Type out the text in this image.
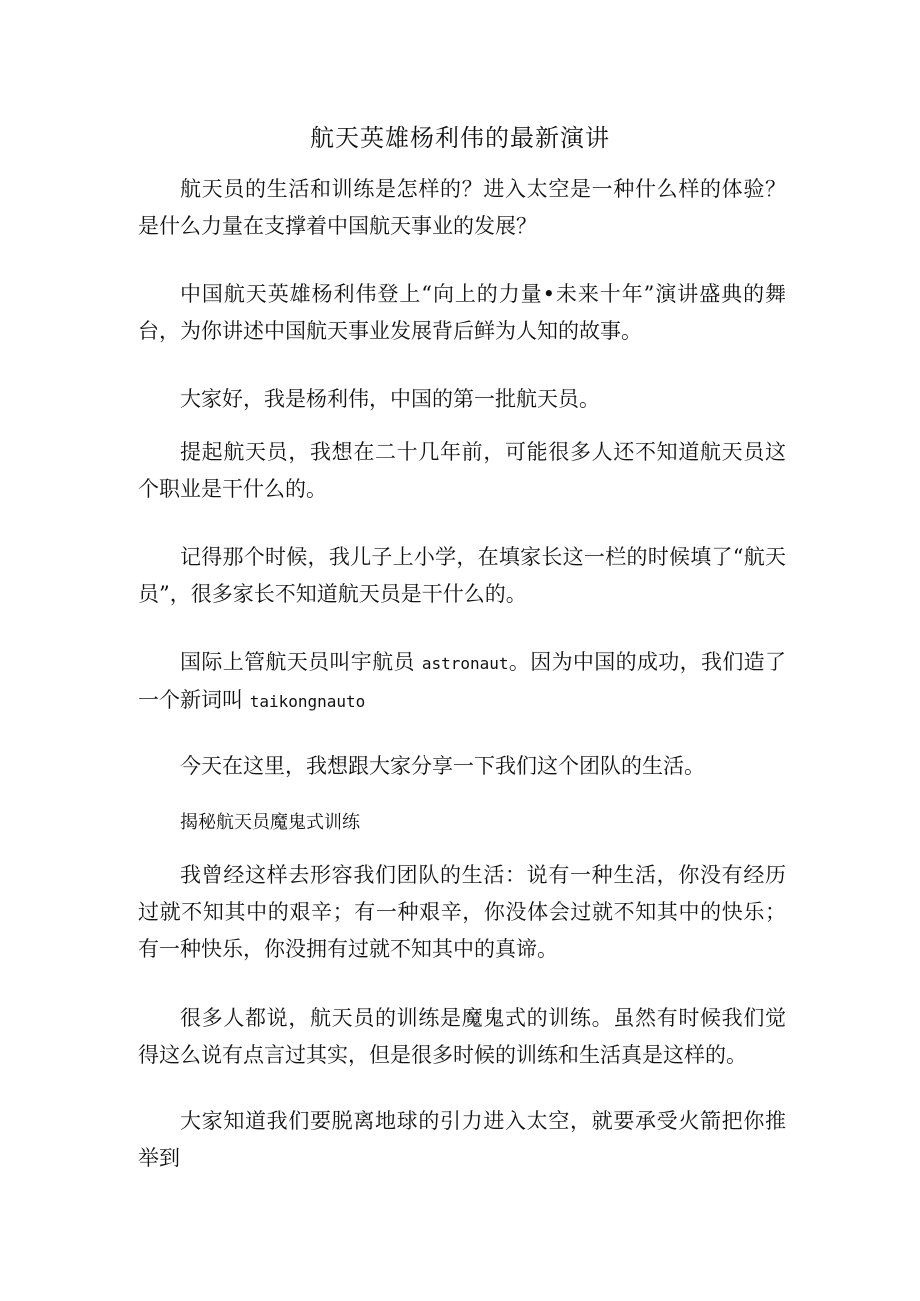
航天英雄杨利伟的最新演讲

航天员的生活和训练是怎样的？进入太空是一种什么样的体验？是什么力量在支撑着中国航天事业的发展？

中国航天英雄杨利伟登上“向上的力量•未来十年”演讲盛典的舞台，为你讲述中国航天事业发展背后鲜为人知的故事。

大家好，我是杨利伟，中国的第一批航天员。

提起航天员，我想在二十几年前，可能很多人还不知道航天员这个职业是干什么的。

记得那个时候，我儿子上小学，在填家长这一栏的时候填了“航天员”，很多家长不知道航天员是干什么的。

国际上管航天员叫宇航员 astronaut。因为中国的成功，我们造了一个新词叫 taikongnauto

今天在这里，我想跟大家分享一下我们这个团队的生活。

揭秘航天员魔鬼式训练

我曾经这样去形容我们团队的生活：说有一种生活，你没有经历过就不知其中的艰辛；有一种艰辛，你没体会过就不知其中的快乐；有一种快乐，你没拥有过就不知其中的真谛。

很多人都说，航天员的训练是魔鬼式的训练。虽然有时候我们觉得这么说有点言过其实，但是很多时候的训练和生活真是这样的。

大家知道我们要脱离地球的引力进入太空，就要承受火箭把你推举到
